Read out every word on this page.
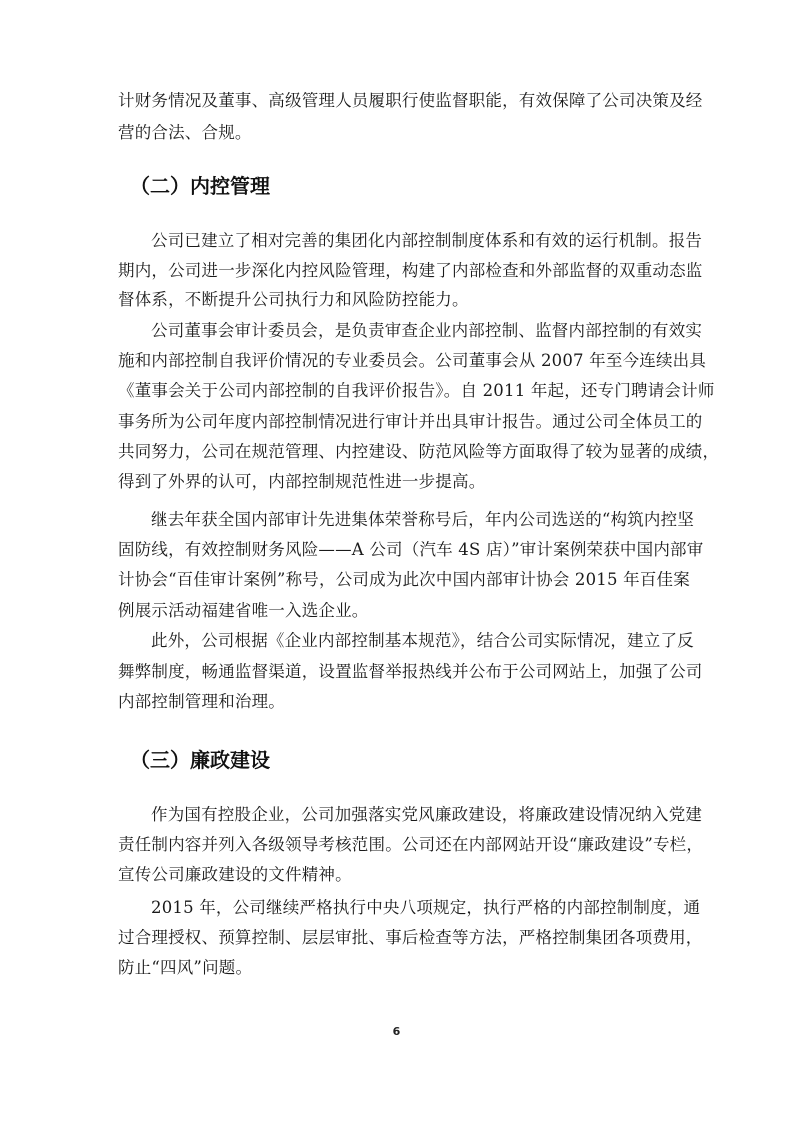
计财务情况及董事、高级管理人员履职行使监督职能，有效保障了公司决策及经
营的合法、合规。
（二）内控管理
公司已建立了相对完善的集团化内部控制制度体系和有效的运行机制。报告
期内，公司进一步深化内控风险管理，构建了内部检查和外部监督的双重动态监
督体系，不断提升公司执行力和风险防控能力。
公司董事会审计委员会，是负责审查企业内部控制、监督内部控制的有效实
施和内部控制自我评价情况的专业委员会。公司董事会从 2007 年至今连续出具
《董事会关于公司内部控制的自我评价报告》。自 2011 年起，还专门聘请会计师
事务所为公司年度内部控制情况进行审计并出具审计报告。通过公司全体员工的
共同努力，公司在规范管理、内控建设、防范风险等方面取得了较为显著的成绩，
得到了外界的认可，内部控制规范性进一步提高。
继去年获全国内部审计先进集体荣誉称号后，年内公司选送的“构筑内控坚
固防线，有效控制财务风险——A 公司（汽车 4S 店）”审计案例荣获中国内部审
计协会“百佳审计案例”称号，公司成为此次中国内部审计协会 2015 年百佳案
例展示活动福建省唯一入选企业。
此外，公司根据《企业内部控制基本规范》，结合公司实际情况，建立了反
舞弊制度，畅通监督渠道，设置监督举报热线并公布于公司网站上，加强了公司
内部控制管理和治理。
（三）廉政建设
作为国有控股企业，公司加强落实党风廉政建设，将廉政建设情况纳入党建
责任制内容并列入各级领导考核范围。公司还在内部网站开设“廉政建设”专栏，
宣传公司廉政建设的文件精神。
2015 年，公司继续严格执行中央八项规定，执行严格的内部控制制度，通
过合理授权、预算控制、层层审批、事后检查等方法，严格控制集团各项费用，
防止“四风”问题。
6
